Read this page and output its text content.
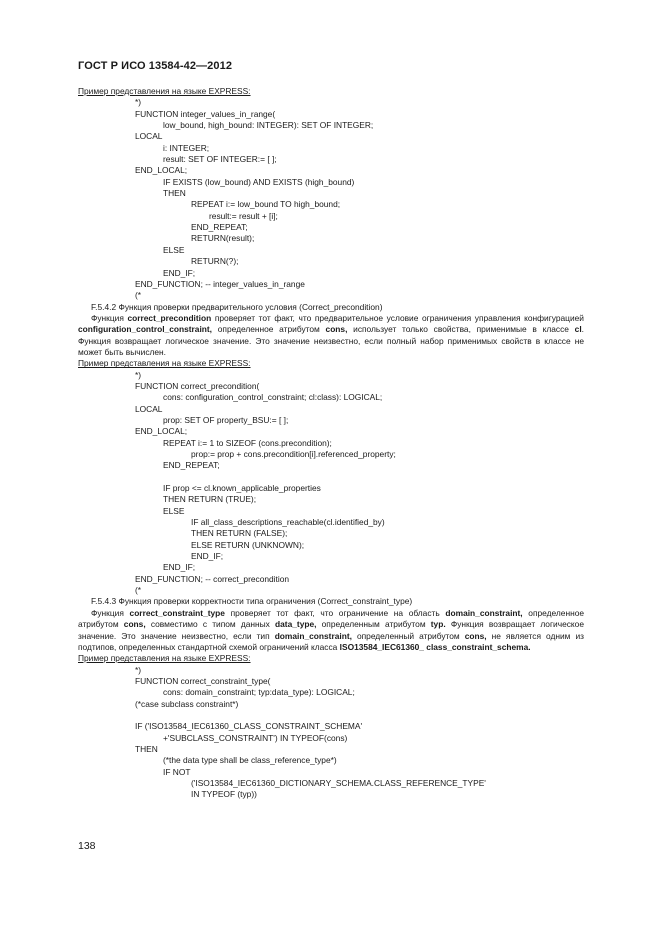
ГОСТ Р ИСО 13584-42—2012
Пример представления на языке EXPRESS:
*)
FUNCTION integer_values_in_range(
low_bound, high_bound: INTEGER): SET OF INTEGER;
LOCAL
i: INTEGER;
result: SET OF INTEGER:= [ ];
END_LOCAL;
IF EXISTS (low_bound) AND EXISTS (high_bound)
THEN
REPEAT i:= low_bound TO high_bound;
result:= result + [i];
END_REPEAT;
RETURN(result);
ELSE
RETURN(?);
END_IF;
END_FUNCTION; -- integer_values_in_range
(*
F.5.4.2 Функция проверки предварительного условия (Correct_precondition)
Функция correct_precondition проверяет тот факт, что предварительное условие ограничения управления конфигурацией configuration_control_constraint, определенное атрибутом cons, использует только свойства, применимые в классе cl. Функция возвращает логическое значение. Это значение неизвестно, если полный набор применимых свойств в классе не может быть вычислен.
Пример представления на языке EXPRESS:
*)
FUNCTION correct_precondition(
cons: configuration_control_constraint; cl:class): LOGICAL;
LOCAL
prop: SET OF property_BSU:= [ ];
END_LOCAL;
REPEAT i:= 1 to SIZEOF (cons.precondition);
prop:= prop + cons.precondition[i].referenced_property;
END_REPEAT;
IF prop <= cl.known_applicable_properties
THEN RETURN (TRUE);
ELSE
IF all_class_descriptions_reachable(cl.identified_by)
THEN RETURN (FALSE);
ELSE RETURN (UNKNOWN);
END_IF;
END_IF;
END_FUNCTION; -- correct_precondition
(*
F.5.4.3 Функция проверки корректности типа ограничения (Correct_constraint_type)
Функция correct_constraint_type проверяет тот факт, что ограничение на область domain_constraint, определенное атрибутом cons, совместимо с типом данных data_type, определенным атрибутом typ. Функция возвращает логическое значение. Это значение неизвестно, если тип domain_constraint, определенный атрибутом cons, не является одним из подтипов, определенных стандартной схемой ограничений класса ISO13584_IEC61360_ class_constraint_schema.
Пример представления на языке EXPRESS:
*)
FUNCTION correct_constraint_type(
cons: domain_constraint; typ:data_type): LOGICAL;
(*case subclass constraint*)
IF ('ISO13584_IEC61360_CLASS_CONSTRAINT_SCHEMA'
+'SUBCLASS_CONSTRAINT') IN TYPEOF(cons)
THEN
(*the data type shall be class_reference_type*)
IF NOT
('ISO13584_IEC61360_DICTIONARY_SCHEMA.CLASS_REFERENCE_TYPE'
IN TYPEOF (typ))
138
